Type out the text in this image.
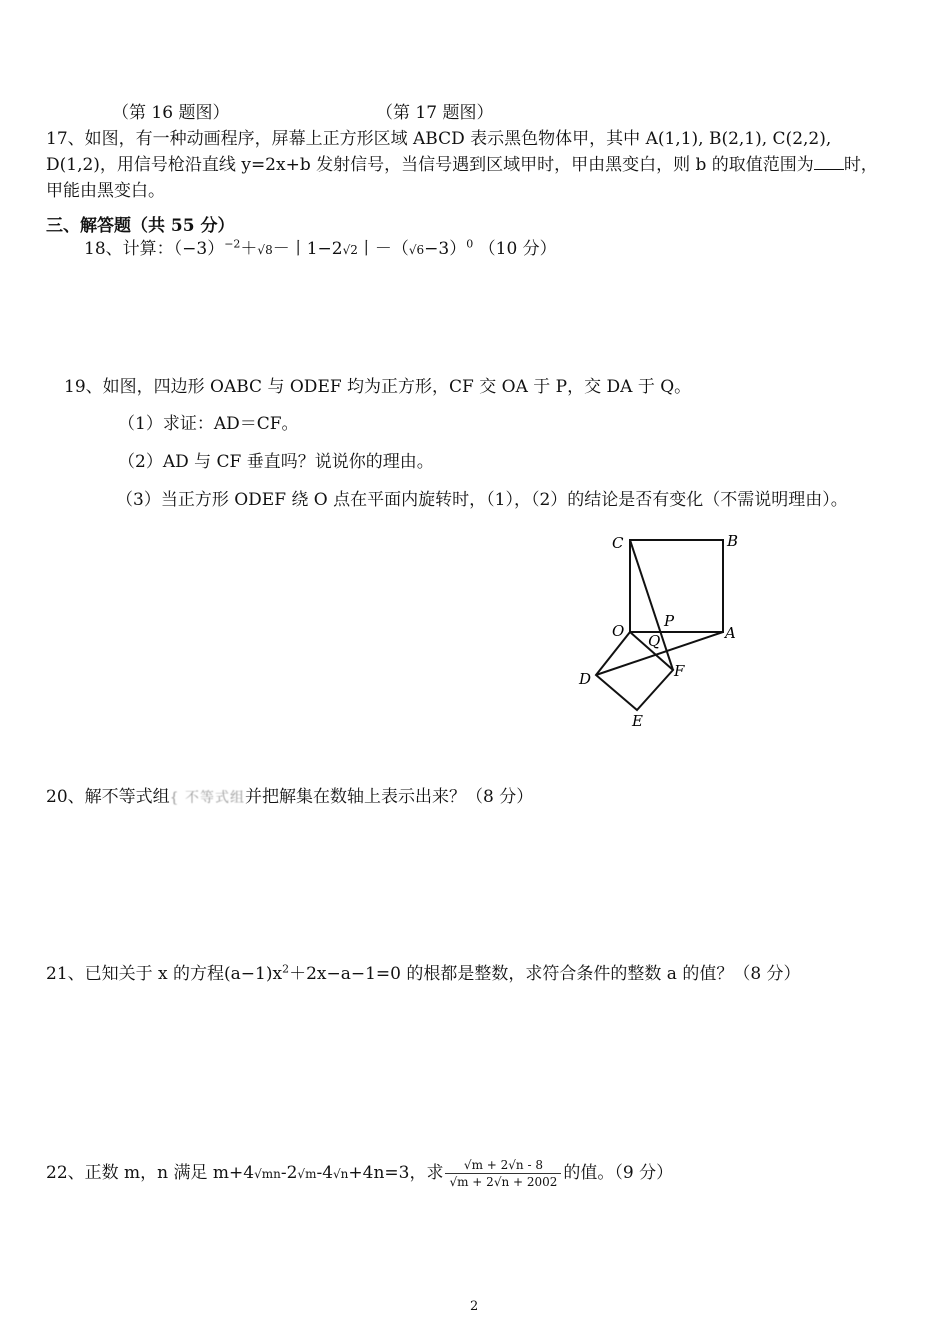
（第 16 题图）	（第 17 题图）
17、如图，有一种动画程序，屏幕上正方形区域 ABCD 表示黑色物体甲，其中 A(1,1), B(2,1), C(2,2),
D(1,2)，用信号枪沿直线 y=2x+b 发射信号，当信号遇到区域甲时，甲由黑变白，则 b 的取值范围为 时，
甲能由黑变白。
三、解答题（共 55 分）
18、计算：$(-3)^{-2}+√8-$丨1−2√2丨$-(√6-3)^0$ （10 分）
19、如图，四边形 OABC 与 ODEF 均为正方形，CF 交 OA 于 P，交 DA 于 Q。
（1）求证：AD＝CF。
（2）AD 与 CF 垂直吗？说说你的理由。
（3）当正方形 ODEF 绕 O 点在平面内旋转时，（1），（2）的结论是否有变化（不需说明理由）。
C	B
O
P
Q	A
D	F
E
20、解不等式组{ 不等式组并把解集在数轴上表示出来？（8 分）
21、已知关于 x 的方程$(a-1)x^2+2x-a-1=0$ 的根都是整数，求符合条件的整数 a 的值？（8 分）
22、正数 m，n 满足 m+4√mn-2√m-4√n+4n=3，求 $\frac{√m + 2√n - 8}{√m + 2√n + 2002}$ 的值。（9 分）
2
